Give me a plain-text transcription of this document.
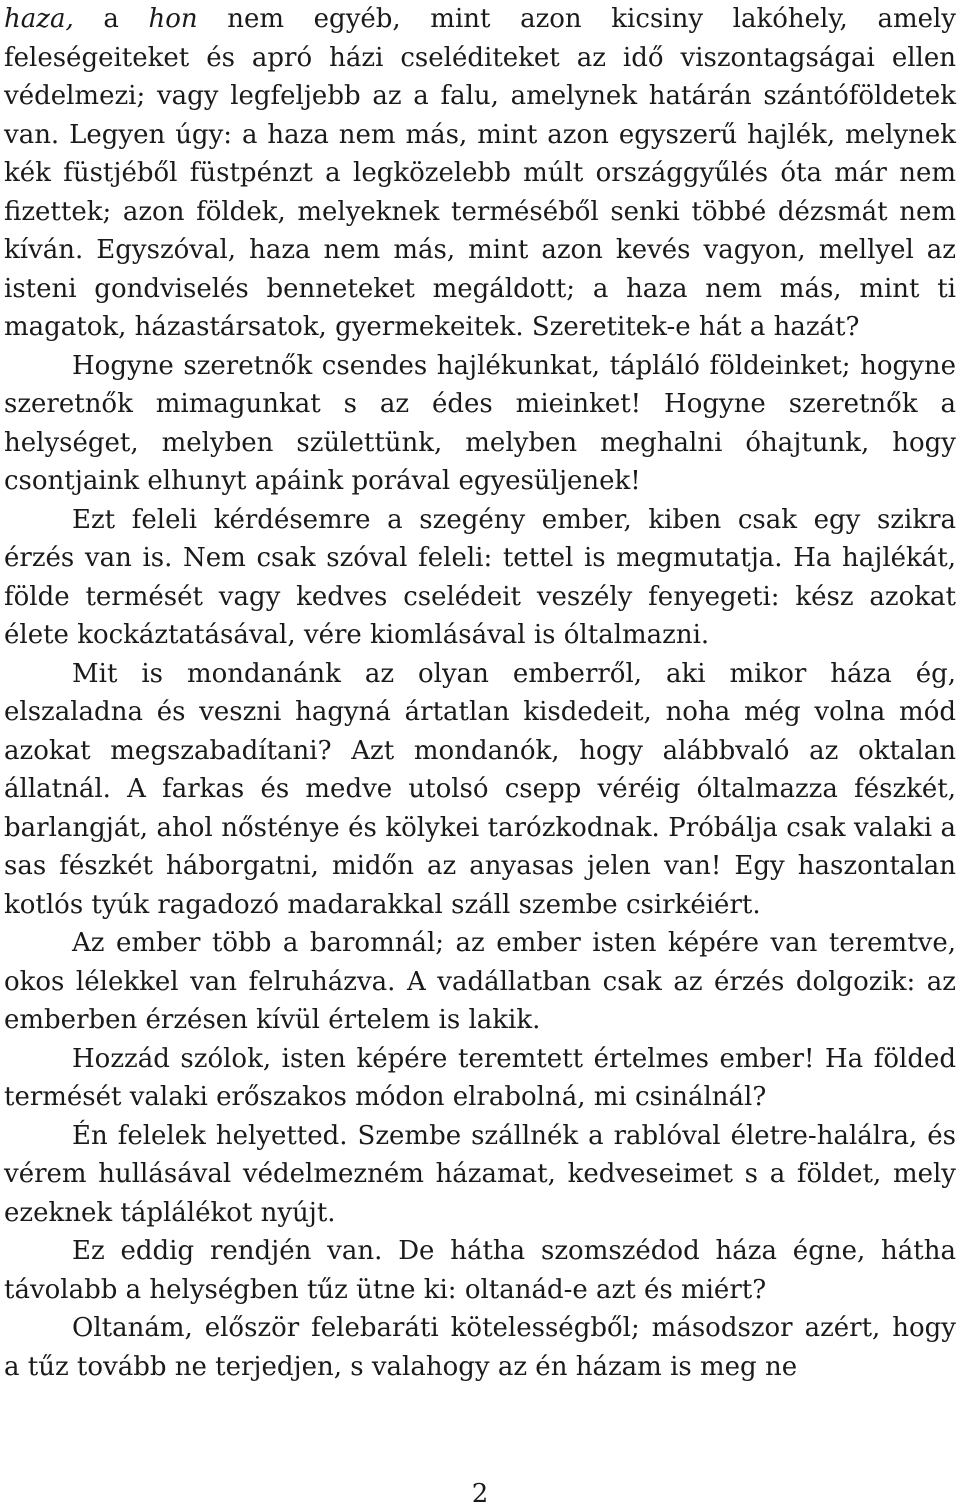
haza, a hon nem egyéb, mint azon kicsiny lakóhely, amely feleségeiteket és apró házi cseléditeket az idő viszontagságai ellen védelmezi; vagy legfeljebb az a falu, amelynek határán szántóföldetek van. Legyen úgy: a haza nem más, mint azon egyszerű hajlék, melynek kék füstjéből füstpénzt a legközelebb múlt országgyűlés óta már nem fizettek; azon földek, melyeknek terméséből senki többé dézsmát nem kíván. Egyszóval, haza nem más, mint azon kevés vagyon, mellyel az isteni gondviselés benneteket megáldott; a haza nem más, mint ti magatok, házastársatok, gyermekeitek. Szeretitek-e hát a hazát?

Hogyne szeretnők csendes hajlékunkat, tápláló földeinket; hogyne szeretnők mimagunkat s az édes mieinket! Hogyne szeretnők a helységet, melyben születtünk, melyben meghalni óhajtunk, hogy csontjaink elhunyt apáink porával egyesüljenek!

Ezt feleli kérdésemre a szegény ember, kiben csak egy szikra érzés van is. Nem csak szóval feleli: tettel is megmutatja. Ha hajlékát, földe termését vagy kedves cselédeit veszély fenyegeti: kész azokat élete kockáztatásával, vére kiomlásával is óltalmazni.

Mit is mondanánk az olyan emberről, aki mikor háza ég, elszaladna és veszni hagyná ártatlan kisdedeit, noha még volna mód azokat megszabadítani? Azt mondanók, hogy alábbvaló az oktalan állatnál. A farkas és medve utolsó csepp véréig óltalmazza fészkét, barlangját, ahol nősténye és kölykei tarózkodnak. Próbálja csak valaki a sas fészkét háborgatni, midőn az anyasas jelen van! Egy haszontalan kotlós tyúk ragadozó madarakkal száll szembe csirkéiért.

Az ember több a baromnál; az ember isten képére van teremtve, okos lélekkel van felruházva. A vadállatban csak az érzés dolgozik: az emberben érzésen kívül értelem is lakik.

Hozzád szólok, isten képére teremtett értelmes ember! Ha földed termését valaki erőszakos módon elrabolná, mi csinálnál?

Én felelek helyetted. Szembe szállnék a rablóval életre-halálra, és vérem hullásával védelmezném házamat, kedveseimet s a földet, mely ezeknek táplálékot nyújt.

Ez eddig rendjén van. De hátha szomszédod háza égne, hátha távolabb a helységben tűz ütne ki: oltanád-e azt és miért?

Oltanám, először felebaráti kötelességből; másodszor azért, hogy a tűz tovább ne terjedjen, s valahogy az én házam is meg ne

2
